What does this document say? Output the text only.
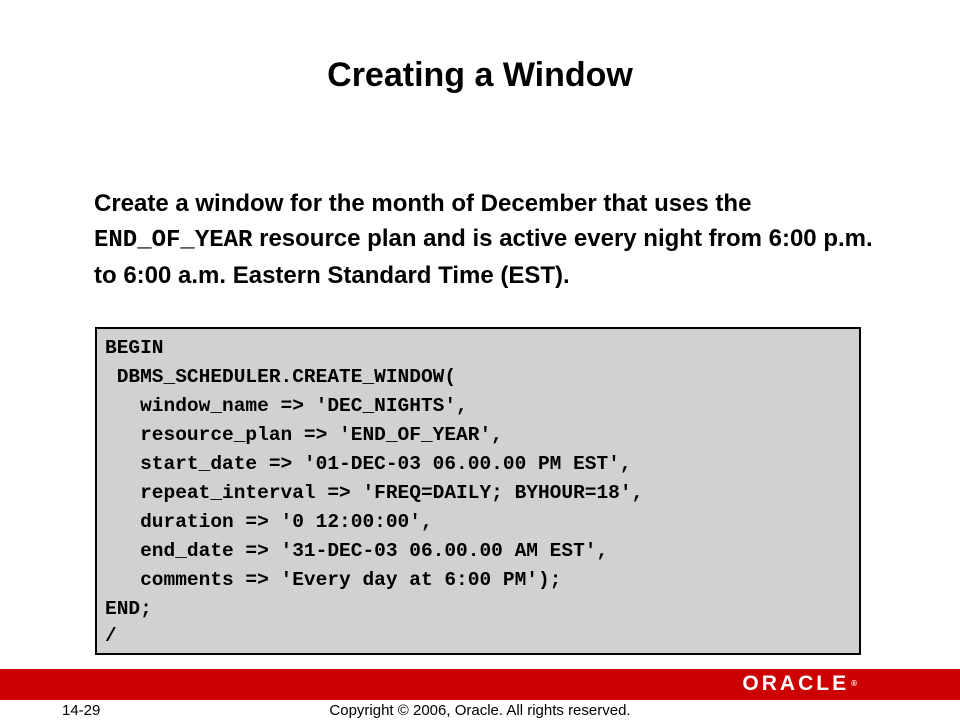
Creating a Window
Create a window for the month of December that uses the END_OF_YEAR resource plan and is active every night from 6:00 p.m. to 6:00 a.m. Eastern Standard Time (EST).
BEGIN
DBMS_SCHEDULER.CREATE_WINDOW(
window_name => 'DEC_NIGHTS',
resource_plan => 'END_OF_YEAR',
start_date => '01-DEC-03 06.00.00 PM EST',
repeat_interval => 'FREQ=DAILY; BYHOUR=18',
duration => '0 12:00:00',
end_date => '31-DEC-03 06.00.00 AM EST',
comments => 'Every day at 6:00 PM');
END;
/
ORACLE ®
14-29	Copyright © 2006, Oracle. All rights reserved.
